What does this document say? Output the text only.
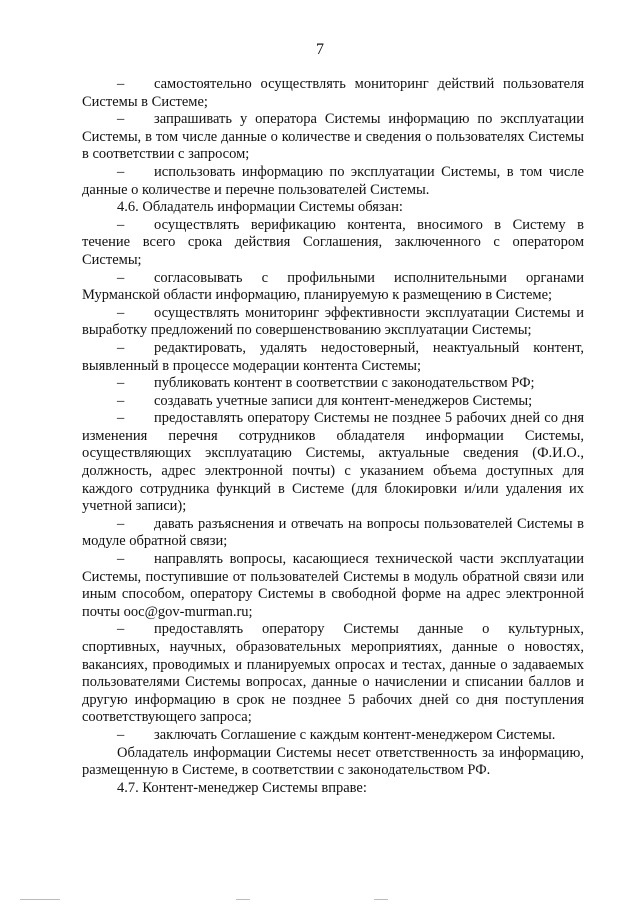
7

– самостоятельно осуществлять мониторинг действий пользователя Системы в Системе;

– запрашивать у оператора Системы информацию по эксплуатации Системы, в том числе данные о количестве и сведения о пользователях Системы в соответствии с запросом;

– использовать информацию по эксплуатации Системы, в том числе данные о количестве и перечне пользователей Системы.

4.6. Обладатель информации Системы обязан:

– осуществлять верификацию контента, вносимого в Систему в течение всего срока действия Соглашения, заключенного с оператором Системы;

– согласовывать с профильными исполнительными органами Мурманской области информацию, планируемую к размещению в Системе;

– осуществлять мониторинг эффективности эксплуатации Системы и выработку предложений по совершенствованию эксплуатации Системы;

– редактировать, удалять недостоверный, неактуальный контент, выявленный в процессе модерации контента Системы;

– публиковать контент в соответствии с законодательством РФ;

– создавать учетные записи для контент-менеджеров Системы;

– предоставлять оператору Системы не позднее 5 рабочих дней со дня изменения перечня сотрудников обладателя информации Системы, осуществляющих эксплуатацию Системы, актуальные сведения (Ф.И.О., должность, адрес электронной почты) с указанием объема доступных для каждого сотрудника функций в Системе (для блокировки и/или удаления их учетной записи);

– давать разъяснения и отвечать на вопросы пользователей Системы в модуле обратной связи;

– направлять вопросы, касающиеся технической части эксплуатации Системы, поступившие от пользователей Системы в модуль обратной связи или иным способом, оператору Системы в свободной форме на адрес электронной почты ooc@gov-murman.ru;

– предоставлять оператору Системы данные о культурных, спортивных, научных, образовательных мероприятиях, данные о новостях, вакансиях, проводимых и планируемых опросах и тестах, данные о задаваемых пользователями Системы вопросах, данные о начислении и списании баллов и другую информацию в срок не позднее 5 рабочих дней со дня поступления соответствующего запроса;

– заключать Соглашение с каждым контент-менеджером Системы.

Обладатель информации Системы несет ответственность за информацию, размещенную в Системе, в соответствии с законодательством РФ.

4.7. Контент-менеджер Системы вправе:
